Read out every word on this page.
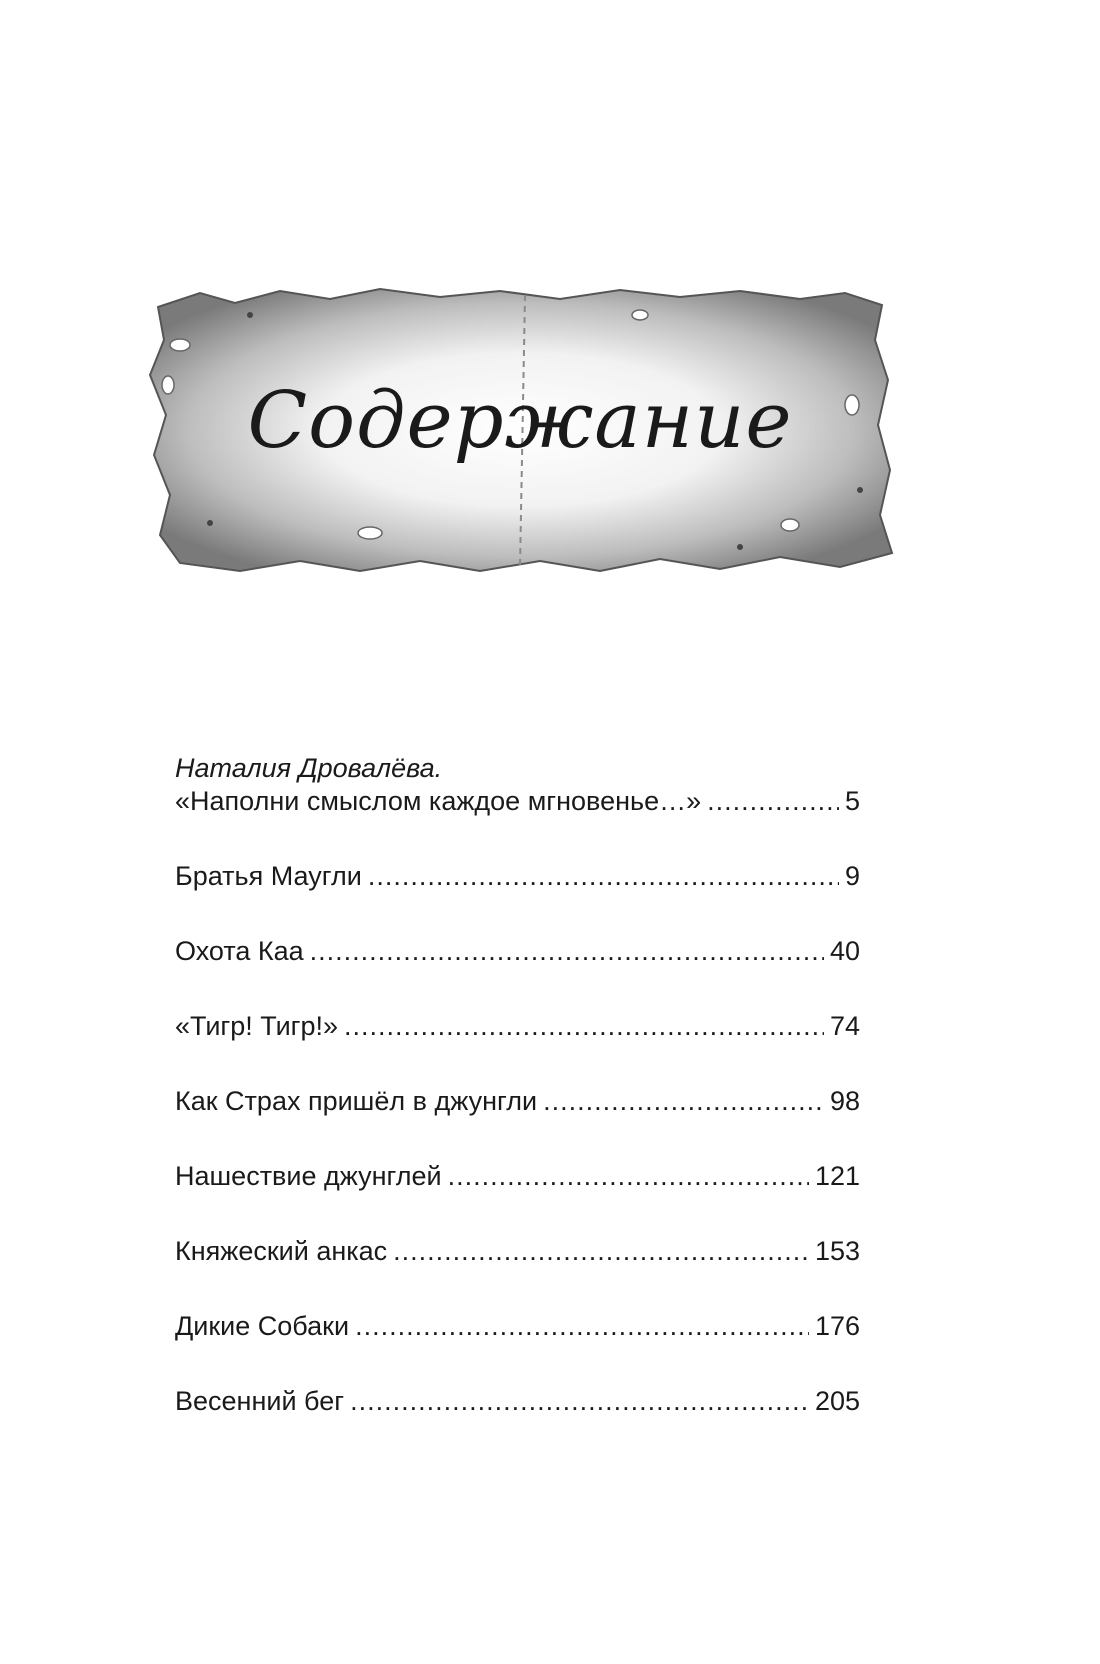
Содержание
Наталия Дровалёва.
«Наполни смыслом каждое мгновенье…» .....	5
Братья Маугли .....	9
Охота Каа .....	40
«Тигр! Тигр!» .....	74
Как Страх пришёл в джунгли .....	98
Нашествие джунглей .....	121
Княжеский анкас .....	153
Дикие Собаки .....	176
Весенний бег .....	205
